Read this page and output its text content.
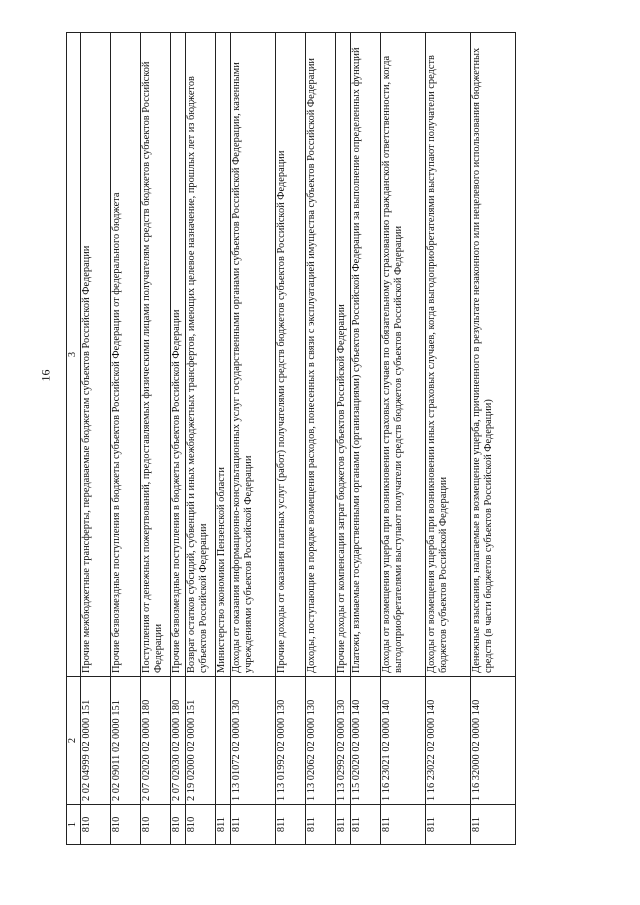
16
1	2	3
810	2 02 04999 02 0000 151	Прочие межбюджетные трансферты, передаваемые бюджетам субъектов Российской Федерации
810	2 02 09011 02 0000 151	Прочие безвозмездные поступления в бюджеты субъектов Российской Федерации от федерального бюджета
810	2 07 02020 02 0000 180	Поступления от денежных пожертвований, предоставляемых физическими лицами получателям средств бюджетов субъектов Российской Федерации
810	2 07 02030 02 0000 180	Прочие безвозмездные поступления в бюджеты субъектов Российской Федерации
810	2 19 02000 02 0000 151	Возврат остатков субсидий, субвенций и иных межбюджетных трансфертов, имеющих целевое назначение, прошлых лет из бюджетов субъектов Российской Федерации
811		Министерство экономики Пензенской области
811	1 13 01072 02 0000 130	Доходы от оказания информационно-консультационных услуг государственными органами субъектов Российской Федерации, казенными учреждениями субъектов Российской Федерации
811	1 13 01992 02 0000 130	Прочие доходы от оказания платных услуг (работ) получателями средств бюджетов субъектов Российской Федерации
811	1 13 02062 02 0000 130	Доходы, поступающие в порядке возмещения расходов, понесенных в связи с эксплуатацией имущества субъектов Российской Федерации
811	1 13 02992 02 0000 130	Прочие доходы от компенсации затрат бюджетов субъектов Российской Федерации
811	1 15 02020 02 0000 140	Платежи, взимаемые государственными органами (организациями) субъектов Российской Федерации за выполнение определенных функций
811	1 16 23021 02 0000 140	Доходы от возмещения ущерба при возникновении страховых случаев по обязательному страхованию гражданской ответственности, когда выгодоприобретателями выступают получатели средств бюджетов субъектов Российской Федерации
811	1 16 23022 02 0000 140	Доходы от возмещения ущерба при возникновении иных страховых случаев, когда выгодоприобретателями выступают получатели средств бюджетов субъектов Российской Федерации
811	1 16 32000 02 0000 140	Денежные взыскания, налагаемые в возмещение ущерба, причиненного в результате незаконного или нецелевого использования бюджетных средств (в части бюджетов субъектов Российской Федерации)
